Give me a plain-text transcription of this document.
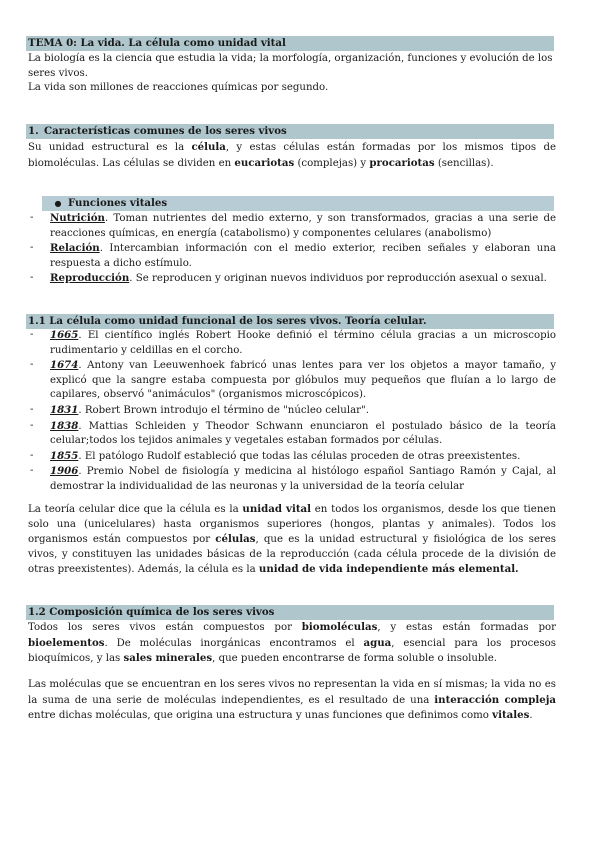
TEMA 0: La vida. La célula como unidad vital

La biología es la ciencia que estudia la vida; la morfología, organización, funciones y evolución de los seres vivos.

La vida son millones de reacciones químicas por segundo.

1. Características comunes de los seres vivos

Su unidad estructural es la célula, y estas células están formadas por los mismos tipos de biomoléculas. Las células se dividen en eucariotas (complejas) y procariotas (sencillas).

● Funciones vitales
- Nutrición. Toman nutrientes del medio externo, y son transformados, gracias a una serie de reacciones químicas, en energía (catabolismo) y componentes celulares (anabolismo)
- Relación. Intercambian información con el medio exterior, reciben señales y elaboran una respuesta a dicho estímulo.
- Reproducción. Se reproducen y originan nuevos individuos por reproducción asexual o sexual.
1.1 La célula como unidad funcional de los seres vivos. Teoría celular.
- 1665. El científico inglés Robert Hooke definió el término célula gracias a un microscopio rudimentario y celdillas en el corcho.
- 1674. Antony van Leeuwenhoek fabricó unas lentes para ver los objetos a mayor tamaño, y explicó que la sangre estaba compuesta por glóbulos muy pequeños que fluían a lo largo de capilares, observó "animáculos" (organismos microscópicos).
- 1831. Robert Brown introdujo el término de "núcleo celular".
- 1838. Mattias Schleiden y Theodor Schwann enunciaron el postulado básico de la teoría celular;todos los tejidos animales y vegetales estaban formados por células.
- 1855. El patólogo Rudolf estableció que todas las células proceden de otras preexistentes.
- 1906. Premio Nobel de fisiología y medicina al histólogo español Santiago Ramón y Cajal, al demostrar la individualidad de las neuronas y la universidad de la teoría celular

La teoría celular dice que la célula es la unidad vital en todos los organismos, desde los que tienen solo una (unicelulares) hasta organismos superiores (hongos, plantas y animales). Todos los organismos están compuestos por células, que es la unidad estructural y fisiológica de los seres vivos, y constituyen las unidades básicas de la reproducción (cada célula procede de la división de otras preexistentes). Además, la célula es la unidad de vida independiente más elemental.

1.2 Composición química de los seres vivos

Todos los seres vivos están compuestos por biomoléculas, y estas están formadas por bioelementos. De moléculas inorgánicas encontramos el agua, esencial para los procesos bioquímicos, y las sales minerales, que pueden encontrarse de forma soluble o insoluble.

Las moléculas que se encuentran en los seres vivos no representan la vida en sí mismas; la vida no es la suma de una serie de moléculas independientes, es el resultado de una interacción compleja entre dichas moléculas, que origina una estructura y unas funciones que definimos como vitales.
